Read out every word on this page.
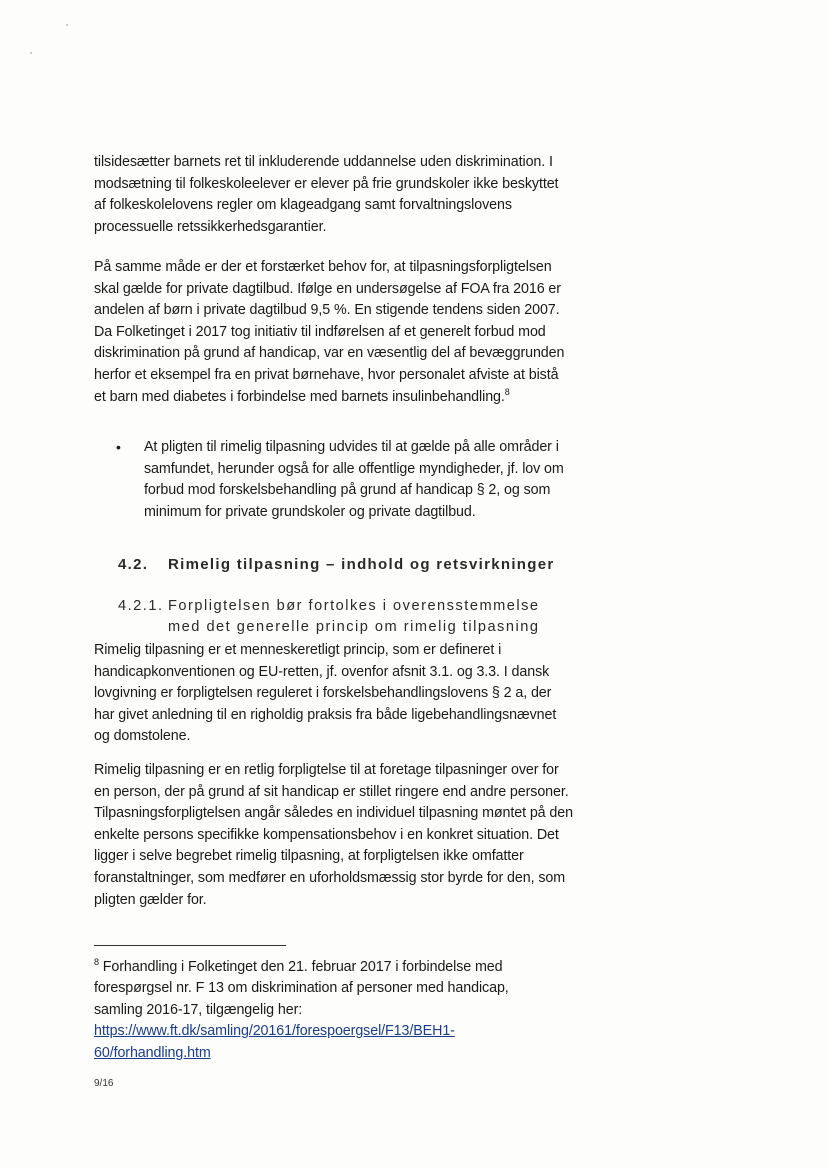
tilsidesætter barnets ret til inkluderende uddannelse uden diskrimination. I modsætning til folkeskoleelever er elever på frie grundskoler ikke beskyttet af folkeskolelovens regler om klageadgang samt forvaltningslovens processuelle retssikkerhedsgarantier.

På samme måde er der et forstærket behov for, at tilpasningsforpligtelsen skal gælde for private dagtilbud. Ifølge en undersøgelse af FOA fra 2016 er andelen af børn i private dagtilbud 9,5 %. En stigende tendens siden 2007. Da Folketinget i 2017 tog initiativ til indførelsen af et generelt forbud mod diskrimination på grund af handicap, var en væsentlig del af bevæggrunden herfor et eksempel fra en privat børnehave, hvor personalet afviste at bistå et barn med diabetes i forbindelse med barnets insulinbehandling.$^8$

• At pligten til rimelig tilpasning udvides til at gælde på alle områder i samfundet, herunder også for alle offentlige myndigheder, jf. lov om forbud mod forskelsbehandling på grund af handicap § 2, og som minimum for private grundskoler og private dagtilbud.
4.2. Rimelig tilpasning – indhold og retsvirkninger
4.2.1. Forpligtelsen bør fortolkes i overensstemmelse
med det generelle princip om rimelig tilpasning

Rimelig tilpasning er et menneskeretligt princip, som er defineret i handicapkonventionen og EU-retten, jf. ovenfor afsnit 3.1. og 3.3. I dansk lovgivning er forpligtelsen reguleret i forskelsbehandlingslovens § 2 a, der har givet anledning til en righoldig praksis fra både ligebehandlingsnævnet og domstolene.

Rimelig tilpasning er en retlig forpligtelse til at foretage tilpasninger over for en person, der på grund af sit handicap er stillet ringere end andre personer. Tilpasningsforpligtelsen angår således en individuel tilpasning møntet på den enkelte persons specifikke kompensationsbehov i en konkret situation. Det ligger i selve begrebet rimelig tilpasning, at forpligtelsen ikke omfatter foranstaltninger, som medfører en uforholdsmæssig stor byrde for den, som pligten gælder for.

$^8$ Forhandling i Folketinget den 21. februar 2017 i forbindelse med forespørgsel nr. F 13 om diskrimination af personer med handicap, samling 2016-17, tilgængelig her:
https://www.ft.dk/samling/20161/forespoergsel/F13/BEH1-60/forhandling.htm

9/16
